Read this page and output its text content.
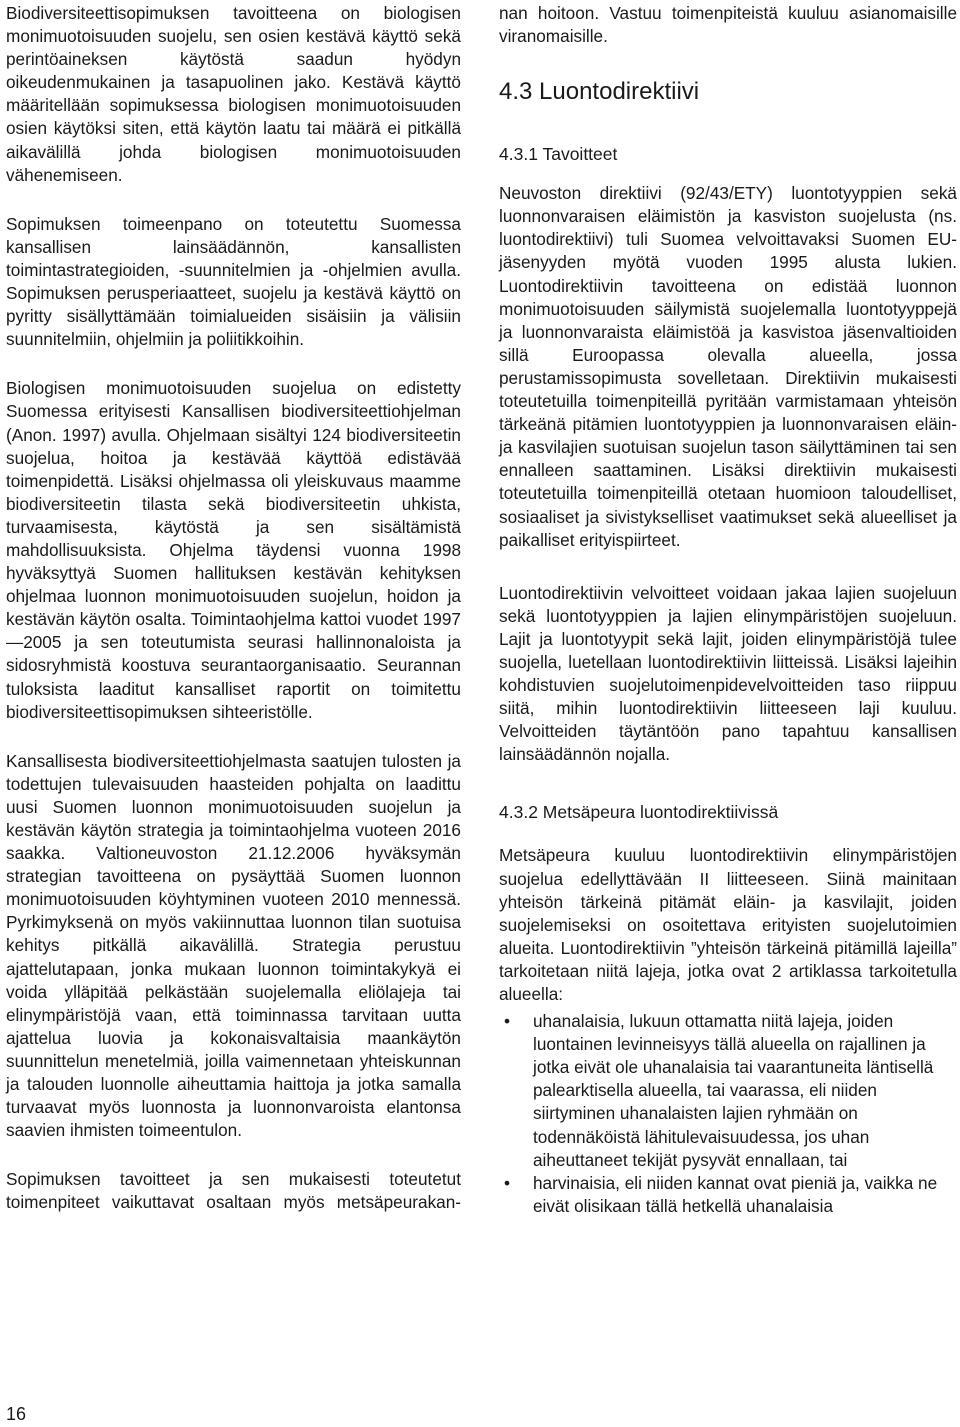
Biodiversiteettisopimuksen tavoitteena on biologisen monimuotoisuuden suojelu, sen osien kestävä käyttö sekä perintöaineksen käytöstä saadun hyödyn oikeudenmukainen ja tasapuolinen jako. Kestävä käyttö määritellään sopimuksessa biologisen monimuotoisuuden osien käytöksi siten, että käytön laatu tai määrä ei pitkällä aikavälillä johda biologisen monimuotoisuuden vähenemiseen.

Sopimuksen toimeenpano on toteutettu Suomessa kansallisen lainsäädännön, kansallisten toimintastrategioiden, -suunnitelmien ja -ohjelmien avulla. Sopimuksen perusperiaatteet, suojelu ja kestävä käyttö on pyritty sisällyttämään toimialueiden sisäisiin ja välisiin suunnitelmiin, ohjelmiin ja poliitikkoihin.

Biologisen monimuotoisuuden suojelua on edistetty Suomessa erityisesti Kansallisen biodiversiteettiohjelman (Anon. 1997) avulla. Ohjelmaan sisältyi 124 biodiversiteetin suojelua, hoitoa ja kestävää käyttöä edistävää toimenpidettä. Lisäksi ohjelmassa oli yleiskuvaus maamme biodiversiteetin tilasta sekä biodiversiteetin uhkista, turvaamisesta, käytöstä ja sen sisältämistä mahdollisuuksista. Ohjelma täydensi vuonna 1998 hyväksyttyä Suomen hallituksen kestävän kehityksen ohjelmaa luonnon monimuotoisuuden suojelun, hoidon ja kestävän käytön osalta. Toimintaohjelma kattoi vuodet 1997—2005 ja sen toteutumista seurasi hallinnonaloista ja sidosryhmistä koostuva seurantaorganisaatio. Seurannan tuloksista laaditut kansalliset raportit on toimitettu biodiversiteettisopimuksen sihteeristölle.

Kansallisesta biodiversiteettiohjelmasta saatujen tulosten ja todettujen tulevaisuuden haasteiden pohjalta on laadittu uusi Suomen luonnon monimuotoisuuden suojelun ja kestävän käytön strategia ja toimintaohjelma vuoteen 2016 saakka. Valtioneuvoston 21.12.2006 hyväksymän strategian tavoitteena on pysäyttää Suomen luonnon monimuotoisuuden köyhtyminen vuoteen 2010 mennessä. Pyrkimyksenä on myös vakiinnuttaa luonnon tilan suotuisa kehitys pitkällä aikavälillä. Strategia perustuu ajattelutapaan, jonka mukaan luonnon toimintakykyä ei voida ylläpitää pelkästään suojelemalla eliölajeja tai elinympäristöjä vaan, että toiminnassa tarvitaan uutta ajattelua luovia ja kokonaisvaltaisia maankäytön suunnittelun menetelmiä, joilla vaimennetaan yhteiskunnan ja talouden luonnolle aiheuttamia haittoja ja jotka samalla turvaavat myös luonnosta ja luonnonvaroista elantonsa saavien ihmisten toimeentulon.

Sopimuksen tavoitteet ja sen mukaisesti toteutetut toimenpiteet vaikuttavat osaltaan myös metsäpeurakan-

nan hoitoon. Vastuu toimenpiteistä kuuluu asianomaisille viranomaisille.

4.3 Luontodirektiivi
4.3.1 Tavoitteet

Neuvoston direktiivi (92/43/ETY) luontotyyppien sekä luonnonvaraisen eläimistön ja kasviston suojelusta (ns. luontodirektiivi) tuli Suomea velvoittavaksi Suomen EU-jäsenyyden myötä vuoden 1995 alusta lukien. Luontodirektiivin tavoitteena on edistää luonnon monimuotoisuuden säilymistä suojelemalla luontotyyppejä ja luonnonvaraista eläimistöä ja kasvistoa jäsenvaltioiden sillä Euroopassa olevalla alueella, jossa perustamissopimusta sovelletaan. Direktiivin mukaisesti toteutetuilla toimenpiteillä pyritään varmistamaan yhteisön tärkeänä pitämien luontotyyppien ja luonnonvaraisen eläin- ja kasvilajien suotuisan suojelun tason säilyttäminen tai sen ennalleen saattaminen. Lisäksi direktiivin mukaisesti toteutetuilla toimenpiteillä otetaan huomioon taloudelliset, sosiaaliset ja sivistykselliset vaatimukset sekä alueelliset ja paikalliset erityispiirteet.

Luontodirektiivin velvoitteet voidaan jakaa lajien suojeluun sekä luontotyyppien ja lajien elinympäristöjen suojeluun. Lajit ja luontotyypit sekä lajit, joiden elinympäristöjä tulee suojella, luetellaan luontodirektiivin liitteissä. Lisäksi lajeihin kohdistuvien suojelutoimenpidevelvoitteiden taso riippuu siitä, mihin luontodirektiivin liitteeseen laji kuuluu. Velvoitteiden täytäntöön pano tapahtuu kansallisen lainsäädännön nojalla.

4.3.2 Metsäpeura luontodirektiivissä

Metsäpeura kuuluu luontodirektiivin elinympäristöjen suojelua edellyttävään II liitteeseen. Siinä mainitaan yhteisön tärkeinä pitämät eläin- ja kasvilajit, joiden suojelemiseksi on osoitettava erityisten suojelutoimien alueita. Luontodirektiivin ”yhteisön tärkeinä pitämillä lajeilla” tarkoitetaan niitä lajeja, jotka ovat 2 artiklassa tarkoitetulla alueella:

• uhanalaisia, lukuun ottamatta niitä lajeja, joiden luontainen levinneisyys tällä alueella on rajallinen ja jotka eivät ole uhanalaisia tai vaarantuneita läntisellä palearktisella alueella, tai vaarassa, eli niiden siirtyminen uhanalaisten lajien ryhmään on todennäköistä lähitulevaisuudessa, jos uhan aiheuttaneet tekijät pysyvät ennallaan, tai
• harvinaisia, eli niiden kannat ovat pieniä ja, vaikka ne eivät olisikaan tällä hetkellä uhanalaisia
16
